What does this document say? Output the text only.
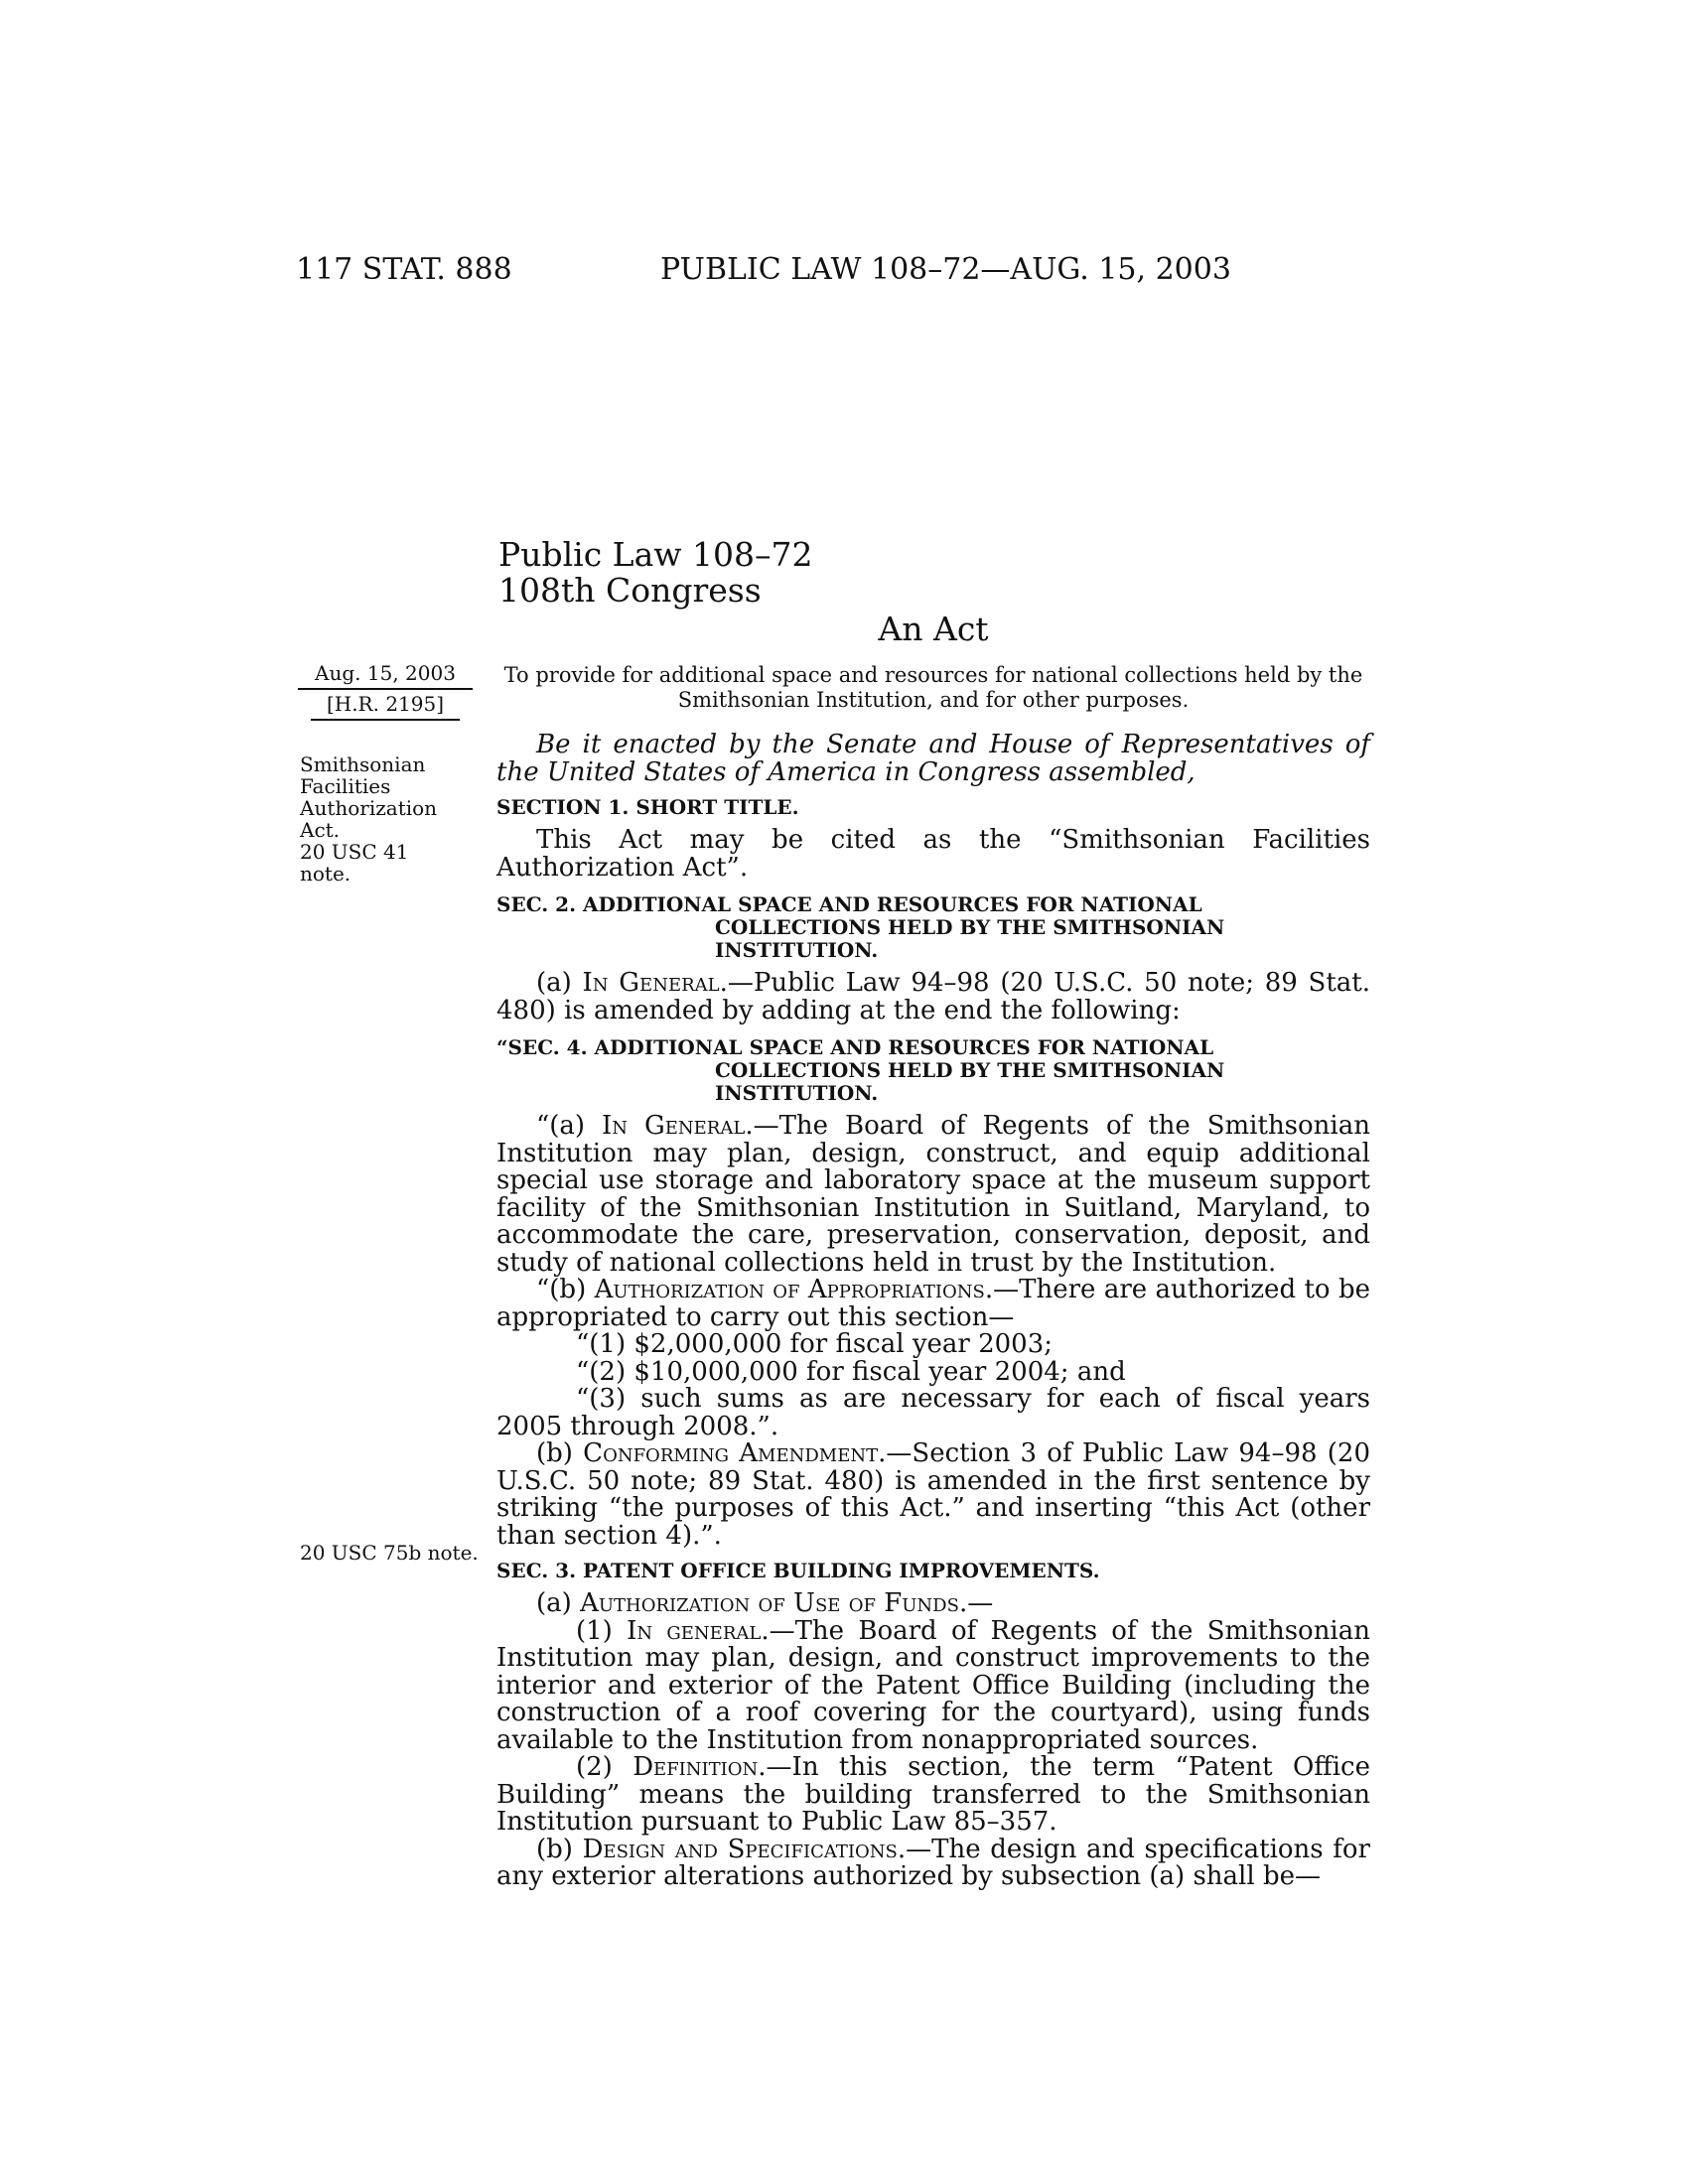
117 STAT. 888	PUBLIC LAW 108–72—AUG. 15, 2003
Public Law 108–72
108th Congress
An Act
To provide for additional space and resources for national collections held by the Smithsonian Institution, and for other purposes.
Aug. 15, 2003
[H.R. 2195]
Smithsonian Facilities Authorization Act.
20 USC 41 note.
20 USC 75b note.

Be it enacted by the Senate and House of Representatives of the United States of America in Congress assembled,

SECTION 1. SHORT TITLE.

This Act may be cited as the “Smithsonian Facilities Authorization Act”.

SEC. 2. ADDITIONAL SPACE AND RESOURCES FOR NATIONAL COLLECTIONS HELD BY THE SMITHSONIAN INSTITUTION.

(a) In General.—Public Law 94–98 (20 U.S.C. 50 note; 89 Stat. 480) is amended by adding at the end the following:

“SEC. 4. ADDITIONAL SPACE AND RESOURCES FOR NATIONAL COLLECTIONS HELD BY THE SMITHSONIAN INSTITUTION.

“(a) In General.—The Board of Regents of the Smithsonian Institution may plan, design, construct, and equip additional special use storage and laboratory space at the museum support facility of the Smithsonian Institution in Suitland, Maryland, to accommodate the care, preservation, conservation, deposit, and study of national collections held in trust by the Institution.

“(b) Authorization of Appropriations.—There are authorized to be appropriated to carry out this section—

“(1) $2,000,000 for fiscal year 2003;

“(2) $10,000,000 for fiscal year 2004; and

“(3) such sums as are necessary for each of fiscal years 2005 through 2008.”.

(b) Conforming Amendment.—Section 3 of Public Law 94–98 (20 U.S.C. 50 note; 89 Stat. 480) is amended in the first sentence by striking “the purposes of this Act.” and inserting “this Act (other than section 4).”.

SEC. 3. PATENT OFFICE BUILDING IMPROVEMENTS.

(a) Authorization of Use of Funds.—

(1) In general.—The Board of Regents of the Smithsonian Institution may plan, design, and construct improvements to the interior and exterior of the Patent Office Building (including the construction of a roof covering for the courtyard), using funds available to the Institution from nonappropriated sources.

(2) Definition.—In this section, the term “Patent Office Building” means the building transferred to the Smithsonian Institution pursuant to Public Law 85–357.

(b) Design and Specifications.—The design and specifications for any exterior alterations authorized by subsection (a) shall be—
